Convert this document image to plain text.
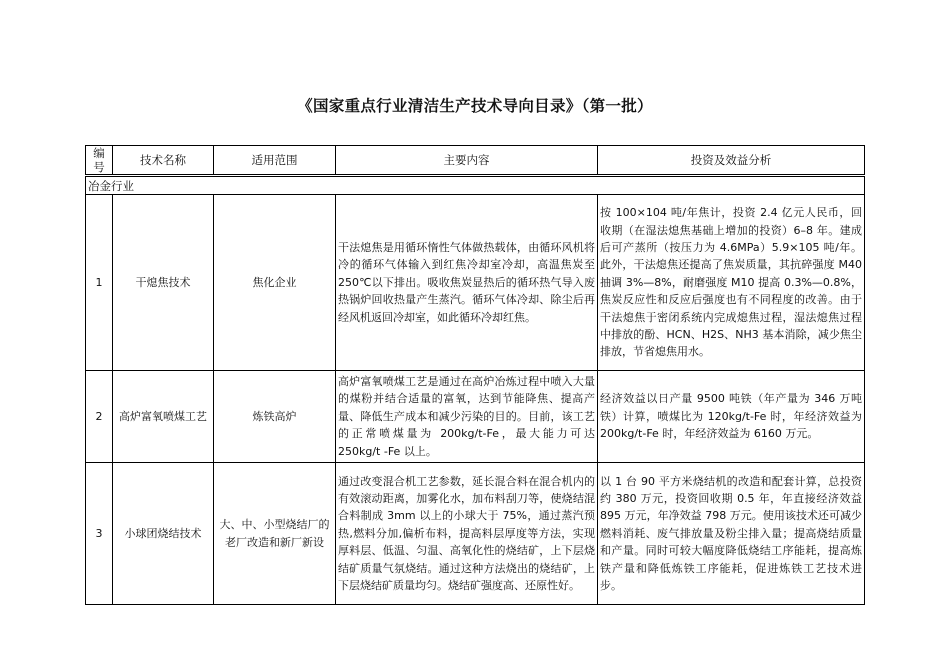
《国家重点行业清洁生产技术导向目录》（第一批）
编号	技术名称	适用范围	主要内容	投资及效益分析
冶金行业				
1	干熄焦技术	焦化企业	干法熄焦是用循环惰性气体做热载体，由循环风机将冷的循环气体输入到红焦冷却室冷却，高温焦炭至 250℃以下排出。吸收焦炭显热后的循环热气导入废热锅炉回收热量产生蒸汽。循环气体冷却、除尘后再经风机返回冷却室，如此循环冷却红焦。	按 100×104 吨/年焦计，投资 2.4 亿元人民币，回收期（在湿法熄焦基础上增加的投资）6–8 年。建成后可产蒸所（按压力为 4.6MPa）5.9×105 吨/年。此外，干法熄焦还提高了焦炭质量，其抗碎强度 M40 抽调 3%—8%，耐磨强度 M10 提高 0.3%—0.8%，焦炭反应性和反应后强度也有不同程度的改善。由于干法熄焦于密闭系统内完成熄焦过程，湿法熄焦过程中排放的酚、HCN、H2S、NH3 基本消除，减少焦尘排放，节省熄焦用水。
2	高炉富氧喷煤工艺	炼铁高炉	高炉富氧喷煤工艺是通过在高炉冶炼过程中喷入大量的煤粉并结合适量的富氧，达到节能降焦、提高产量、降低生产成本和减少污染的目的。目前，该工艺的正常喷煤量为 200kg/t-Fe，最大能力可达 250kg/t -Fe 以上。	经济效益以日产量 9500 吨铁（年产量为 346 万吨铁）计算，喷煤比为 120kg/t-Fe 时，年经济效益为 200kg/t-Fe 时，年经济效益为 6160 万元。
3	小球团烧结技术	大、中、小型烧结厂的老厂改造和新厂新设	通过改变混合机工艺参数，延长混合料在混合机内的有效滚动距离，加雾化水，加布料刮刀等，使烧结混合料制成 3mm 以上的小球大于 75%，通过蒸汽预热,燃料分加,偏析布料，提高料层厚度等方法，实现厚料层、低温、匀温、高氧化性的烧结矿，上下层烧结矿质量气氛烧结。通过这种方法烧出的烧结矿，上下层烧结矿质量均匀。烧结矿强度高、还原性好。	以 1 台 90 平方米烧结机的改造和配套计算，总投资约 380 万元，投资回收期 0.5 年，年直接经济效益 895 万元，年净效益 798 万元。使用该技术还可减少燃料消耗、废气排放量及粉尘排入量；提高烧结质量和产量。同时可较大幅度降低烧结工序能耗，提高炼铁产量和降低炼铁工序能耗，促进炼铁工艺技术进步。
